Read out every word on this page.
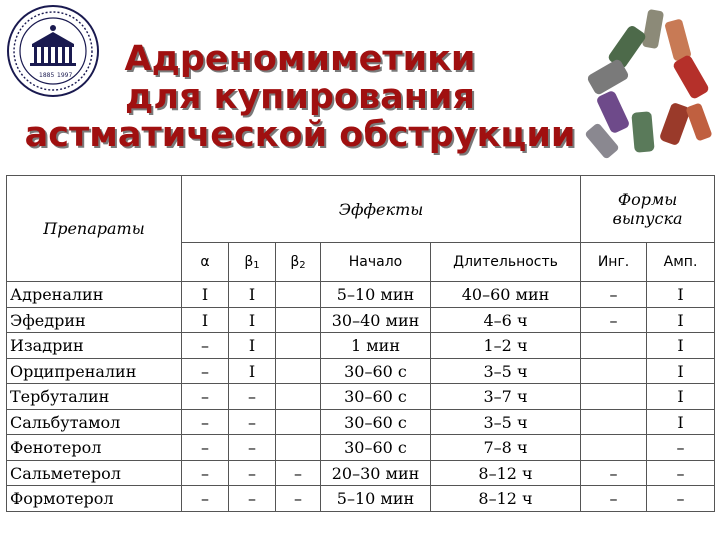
1885 1997	Адреномиметики
для купирования
астматической обструкции
Препараты	Эффекты					Формы
выпуска	
	α	$\beta_1$	$\beta_2$	Начало	Длительность	Инг.	Амп.
Адреналин	I	I		5–10 мин	40–60 мин	–	I
Эфедрин	I	I		30–40 мин	4–6 ч	–	I
Изадрин	–	I		1 мин	1–2 ч		I
Орципреналин	–	I		30–60 с	3–5 ч		I
Тербуталин	–	–		30–60 с	3–7 ч		I
Сальбутамол	–	–		30–60 с	3–5 ч		I
Фенотерол	–	–		30–60 с	7–8 ч		–
Сальметерол	–	–	–	20–30 мин	8–12 ч	–	–
Формотерол	–	–	–	5–10 мин	8–12 ч	–	–
